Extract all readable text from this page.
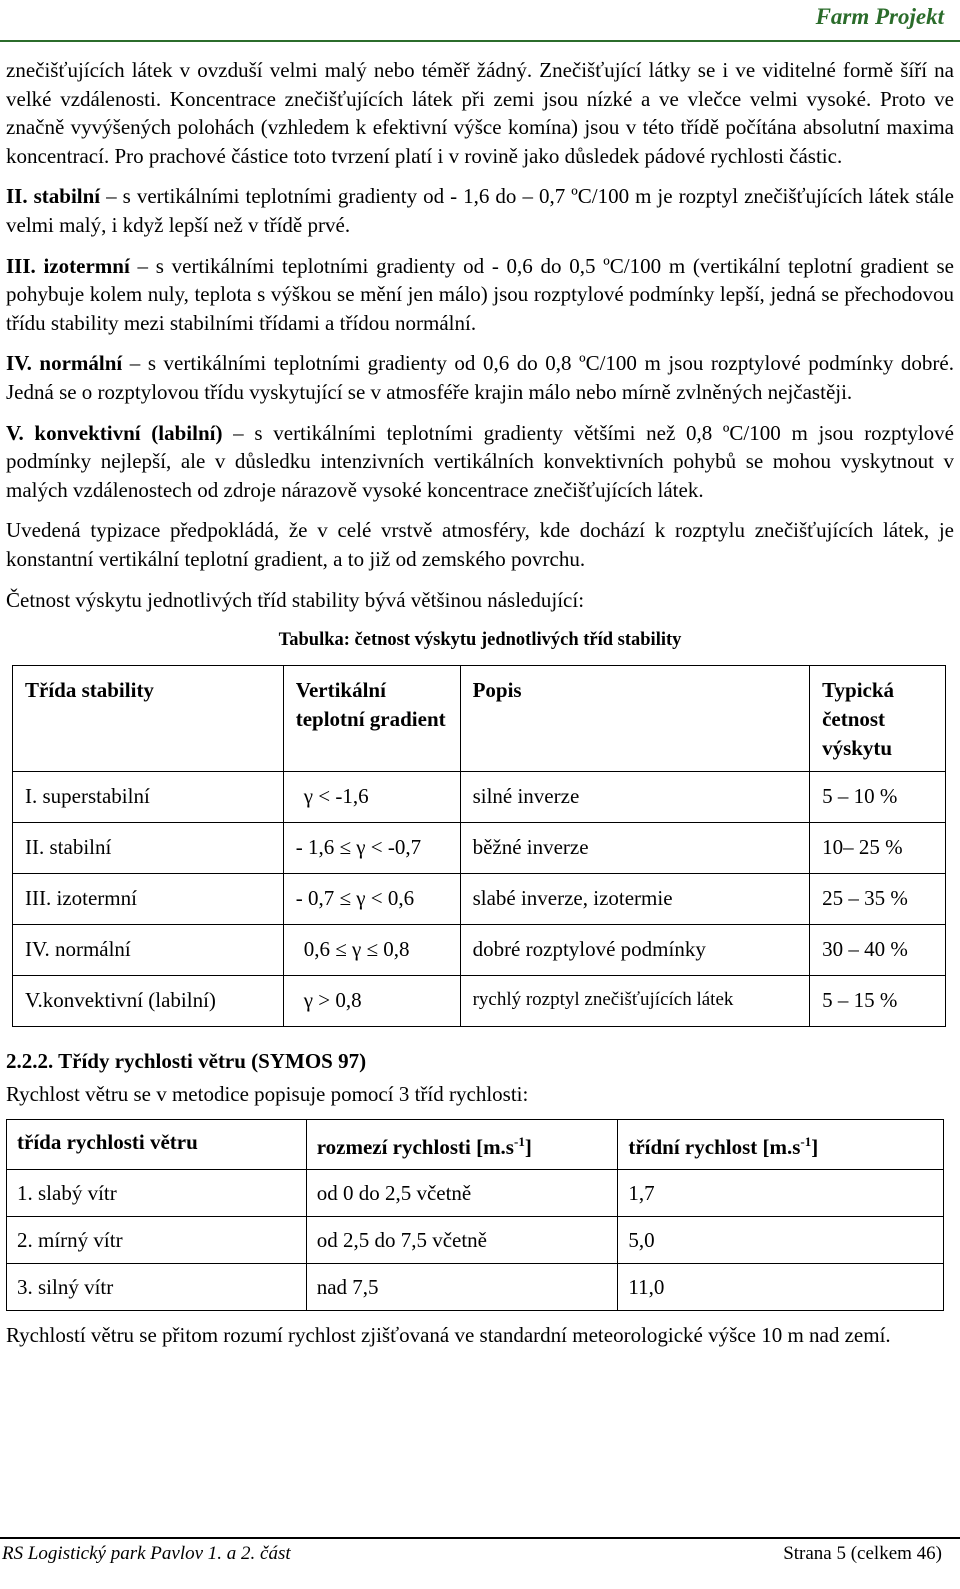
Farm Projekt

znečišťujících látek v ovzduší velmi malý nebo téměř žádný. Znečišťující látky se i ve viditelné formě šíří na velké vzdálenosti. Koncentrace znečišťujících látek při zemi jsou nízké a ve vlečce velmi vysoké. Proto ve značně vyvýšených polohách (vzhledem k efektivní výšce komína) jsou v této třídě počítána absolutní maxima koncentrací. Pro prachové částice toto tvrzení platí i v rovině jako důsledek pádové rychlosti částic.

II. stabilní – s vertikálními teplotními gradienty od - 1,6 do – 0,7 ºC/100 m je rozptyl znečišťujících látek stále velmi malý, i když lepší než v třídě prvé.

III. izotermní – s vertikálními teplotními gradienty od - 0,6 do 0,5 ºC/100 m (vertikální teplotní gradient se pohybuje kolem nuly, teplota s výškou se mění jen málo) jsou rozptylové podmínky lepší, jedná se přechodovou třídu stability mezi stabilními třídami a třídou normální.

IV. normální – s vertikálními teplotními gradienty od 0,6 do 0,8 ºC/100 m jsou rozptylové podmínky dobré. Jedná se o rozptylovou třídu vyskytující se v atmosféře krajin málo nebo mírně zvlněných nejčastěji.

V. konvektivní (labilní) – s vertikálními teplotními gradienty většími než 0,8 ºC/100 m jsou rozptylové podmínky nejlepší, ale v důsledku intenzivních vertikálních konvektivních pohybů se mohou vyskytnout v malých vzdálenostech od zdroje nárazově vysoké koncentrace znečišťujících látek.

Uvedená typizace předpokládá, že v celé vrstvě atmosféry, kde dochází k rozptylu znečišťujících látek, je konstantní vertikální teplotní gradient, a to již od zemského povrchu.

Četnost výskytu jednotlivých tříd stability bývá většinou následující:

Tabulka: četnost výskytu jednotlivých tříd stability
Třída stability	Vertikální teplotní gradient	Popis	Typická četnost výskytu
I. superstabilní	γ < -1,6	silné inverze	5 – 10 %
II. stabilní	- 1,6 ≤ γ < -0,7	běžné inverze	10– 25 %
III. izotermní	- 0,7 ≤ γ < 0,6	slabé inverze, izotermie	25 – 35 %
IV. normální	0,6 ≤ γ ≤ 0,8	dobré rozptylové podmínky	30 – 40 %
V.konvektivní (labilní)	γ > 0,8	rychlý rozptyl znečišťujících látek	5 – 15 %
2.2.2. Třídy rychlosti větru (SYMOS 97)

Rychlost větru se v metodice popisuje pomocí 3 tříd rychlosti:

třída rychlosti větru	rozmezí rychlosti $[m.s^{-1}]$	třídní rychlost $[m.s^{-1}]$
1. slabý vítr	od 0 do 2,5 včetně	1,7
2. mírný vítr	od 2,5 do 7,5 včetně	5,0
3. silný vítr	nad 7,5	11,0

Rychlostí větru se přitom rozumí rychlost zjišťovaná ve standardní meteorologické výšce 10 m nad zemí.

RS Logistický park Pavlov 1. a 2. část	Strana 5 (celkem 46)
